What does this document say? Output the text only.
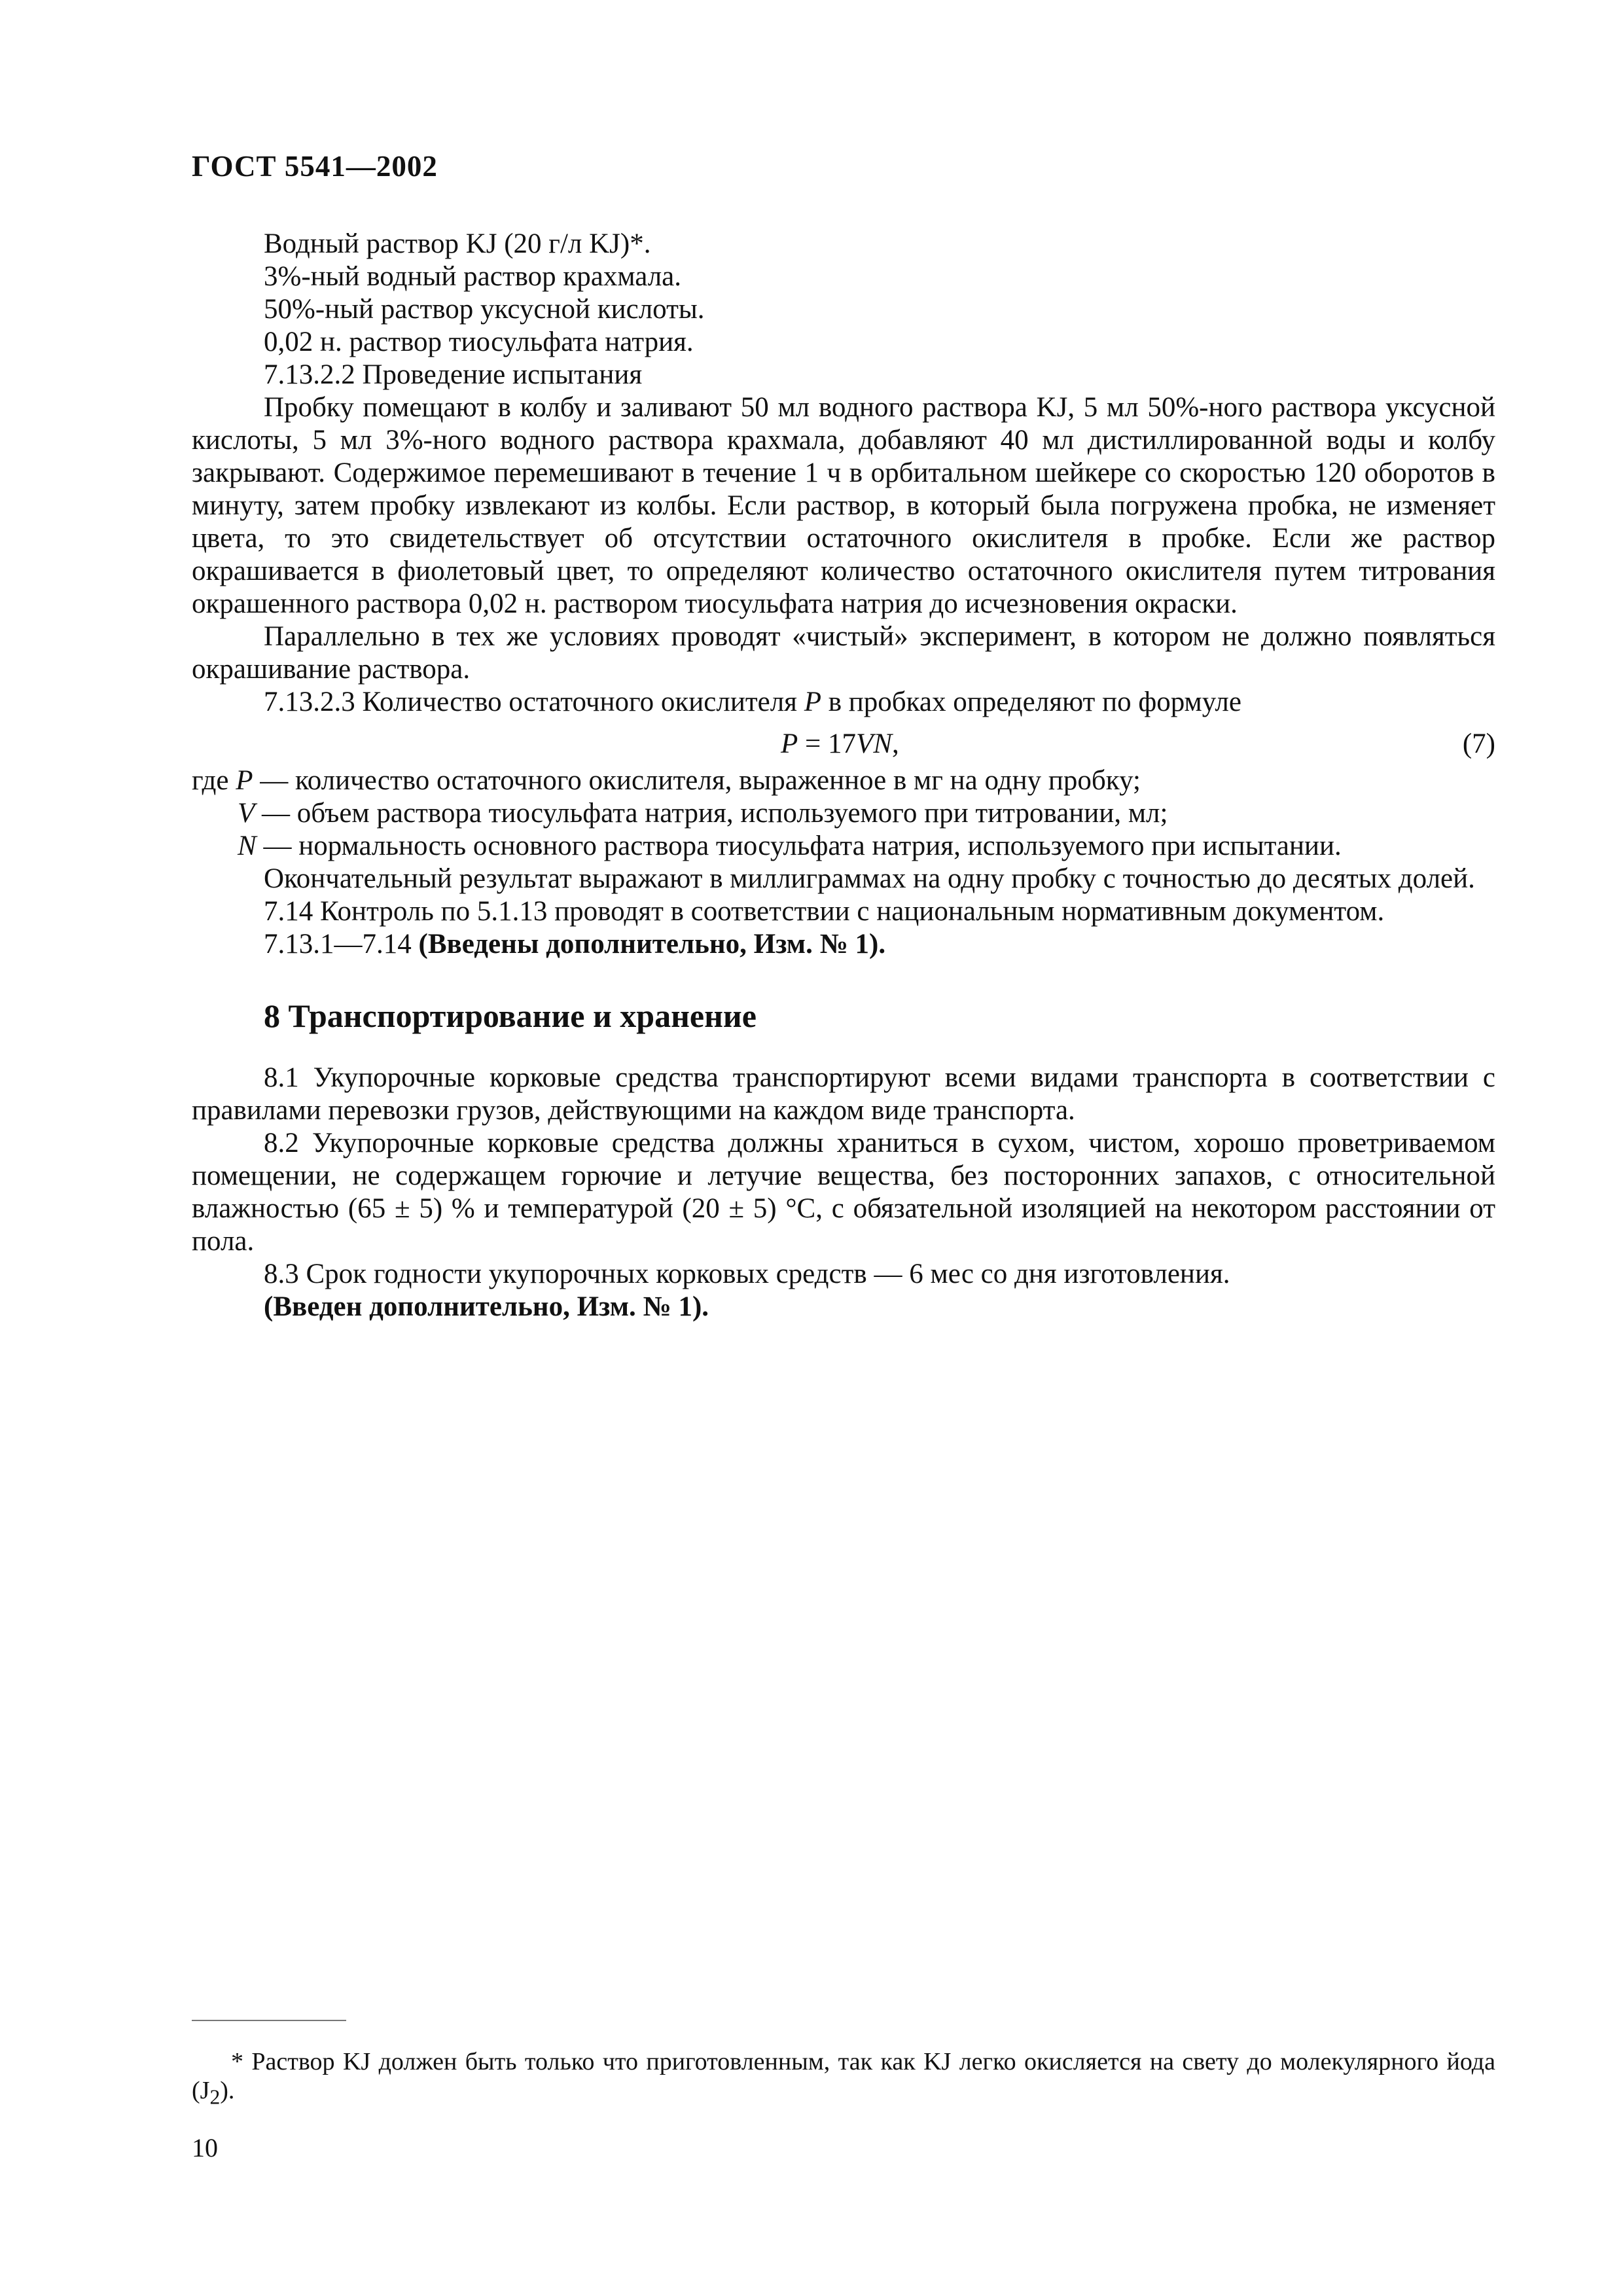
ГОСТ 5541—2002

Водный раствор KJ (20 г/л KJ)*.

3%-ный водный раствор крахмала.

50%-ный раствор уксусной кислоты.

0,02 н. раствор тиосульфата натрия.

7.13.2.2 Проведение испытания

Пробку помещают в колбу и заливают 50 мл водного раствора KJ, 5 мл 50%-ного раствора уксусной кислоты, 5 мл 3%-ного водного раствора крахмала, добавляют 40 мл дистиллированной воды и колбу закрывают. Содержимое перемешивают в течение 1 ч в орбитальном шейкере со скоростью 120 оборотов в минуту, затем пробку извлекают из колбы. Если раствор, в который была погружена пробка, не изменяет цвета, то это свидетельствует об отсутствии остаточного окислителя в пробке. Если же раствор окрашивается в фиолетовый цвет, то определяют количество остаточного окислителя путем титрования окрашенного раствора 0,02 н. раствором тиосульфата натрия до исчезновения окраски.

Параллельно в тех же условиях проводят «чистый» эксперимент, в котором не должно появляться окрашивание раствора.

7.13.2.3 Количество остаточного окислителя P в пробках определяют по формуле

P = 17VN,	(7)

где P — количество остаточного окислителя, выраженное в мг на одну пробку;

V — объем раствора тиосульфата натрия, используемого при титровании, мл;

N — нормальность основного раствора тиосульфата натрия, используемого при испытании.

Окончательный результат выражают в миллиграммах на одну пробку с точностью до десятых долей.

7.14 Контроль по 5.1.13 проводят в соответствии с национальным нормативным документом.

7.13.1—7.14 (Введены дополнительно, Изм. № 1).

8 Транспортирование и хранение

8.1 Укупорочные корковые средства транспортируют всеми видами транспорта в соответствии с правилами перевозки грузов, действующими на каждом виде транспорта.

8.2 Укупорочные корковые средства должны храниться в сухом, чистом, хорошо проветриваемом помещении, не содержащем горючие и летучие вещества, без посторонних запахов, с относительной влажностью (65 ± 5) % и температурой (20 ± 5) °С, с обязательной изоляцией на некотором расстоянии от пола.

8.3 Срок годности укупорочных корковых средств — 6 мес со дня изготовления.

(Введен дополнительно, Изм. № 1).

* Раствор KJ должен быть только что приготовленным, так как KJ легко окисляется на свету до молекулярного йода $(J_2)$.
10
